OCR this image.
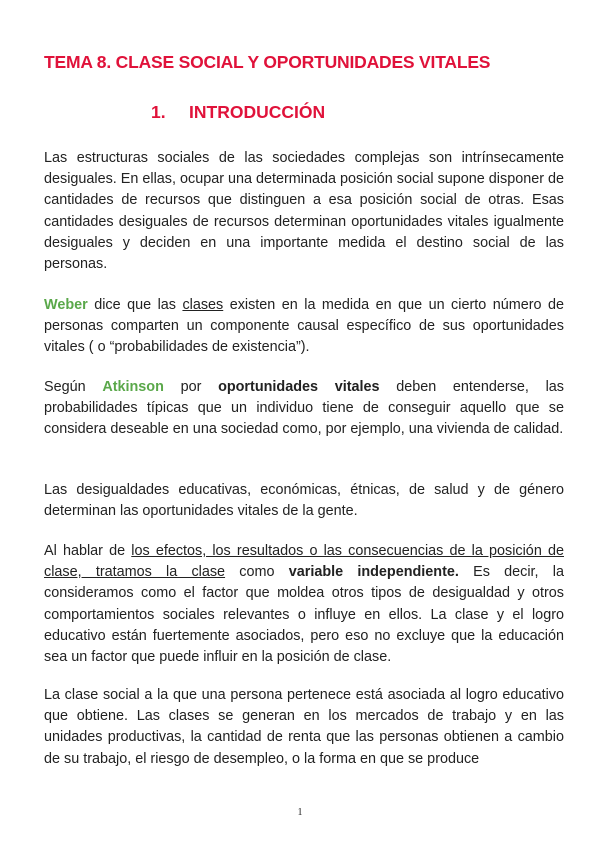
TEMA 8. CLASE SOCIAL Y OPORTUNIDADES VITALES
1. INTRODUCCIÓN

Las estructuras sociales de las sociedades complejas son intrínsecamente desiguales. En ellas, ocupar una determinada posición social supone disponer de cantidades de recursos que distinguen a esa posición social de otras. Esas cantidades desiguales de recursos determinan oportunidades vitales igualmente desiguales y deciden en una importante medida el destino social de las personas.

Weber dice que las clases existen en la medida en que un cierto número de personas comparten un componente causal específico de sus oportunidades vitales ( o “probabilidades de existencia”).

Según Atkinson por oportunidades vitales deben entenderse, las probabilidades típicas que un individuo tiene de conseguir aquello que se considera deseable en una sociedad como, por ejemplo, una vivienda de calidad.

Las desigualdades educativas, económicas, étnicas, de salud y de género determinan las oportunidades vitales de la gente.

Al hablar de los efectos, los resultados o las consecuencias de la posición de clase, tratamos la clase como variable independiente. Es decir, la consideramos como el factor que moldea otros tipos de desigualdad y otros comportamientos sociales relevantes o influye en ellos. La clase y el logro educativo están fuertemente asociados, pero eso no excluye que la educación sea un factor que puede influir en la posición de clase.

La clase social a la que una persona pertenece está asociada al logro educativo que obtiene. Las clases se generan en los mercados de trabajo y en las unidades productivas, la cantidad de renta que las personas obtienen a cambio de su trabajo, el riesgo de desempleo, o la forma en que se produce

1
